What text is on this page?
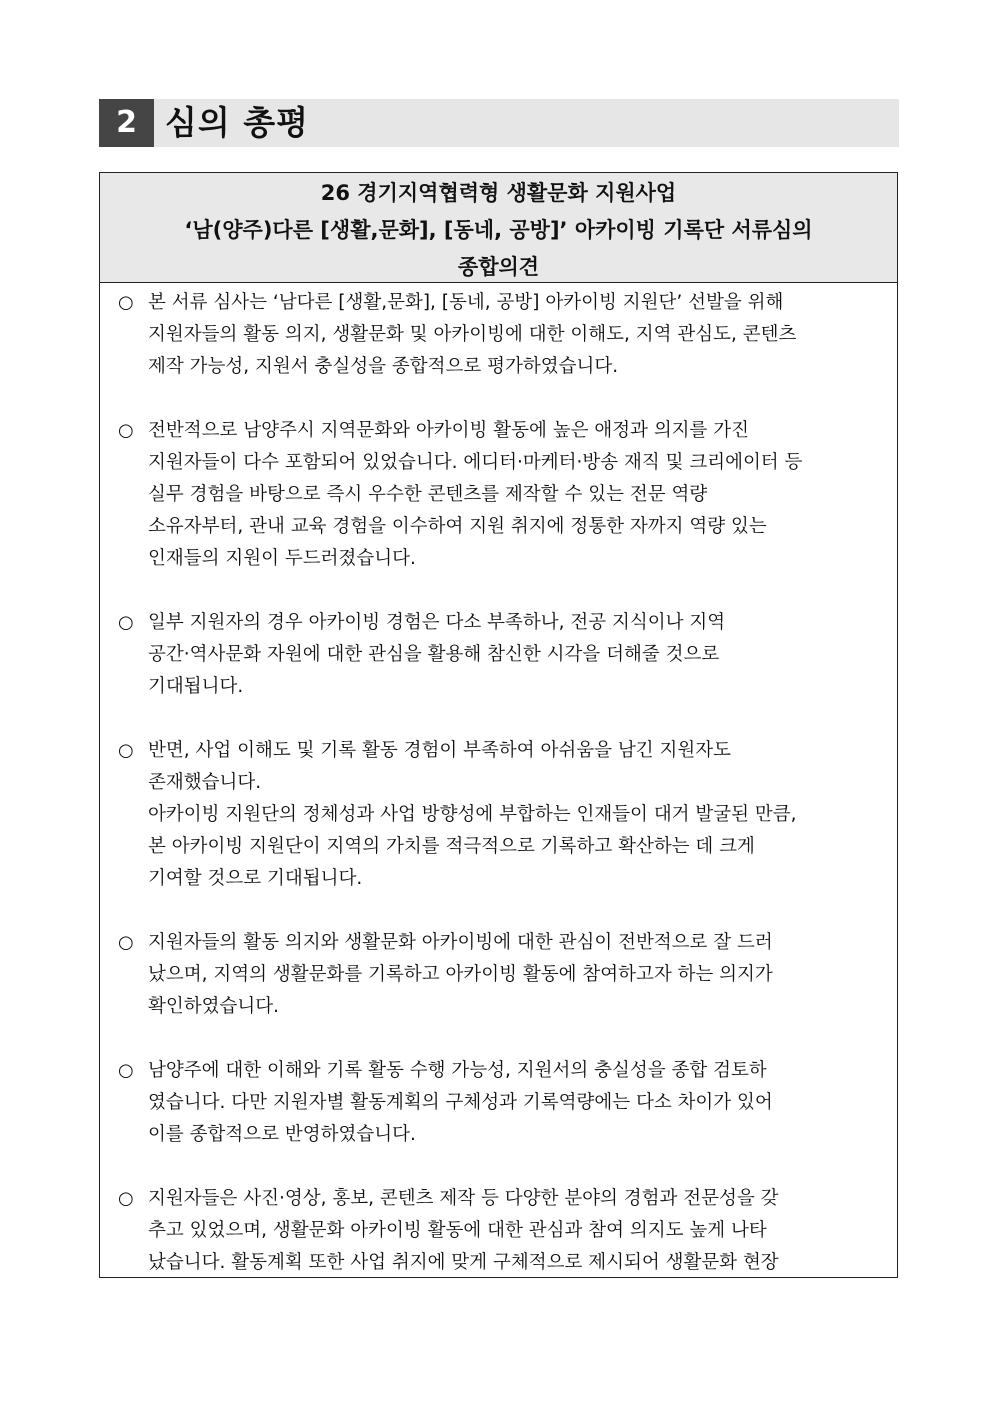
2 심의 총평
26 경기지역협력형 생활문화 지원사업
‘남(양주)다른 [생활,문화], [동네, 공방]’ 아카이빙 기록단 서류심의
종합의견
○ 본 서류 심사는 ‘남다른 [생활,문화], [동네, 공방] 아카이빙 지원단’ 선발을 위해
지원자들의 활동 의지, 생활문화 및 아카이빙에 대한 이해도, 지역 관심도, 콘텐츠
제작 가능성, 지원서 충실성을 종합적으로 평가하였습니다.
○ 전반적으로 남양주시 지역문화와 아카이빙 활동에 높은 애정과 의지를 가진
지원자들이 다수 포함되어 있었습니다. 에디터·마케터·방송 재직 및 크리에이터 등
실무 경험을 바탕으로 즉시 우수한 콘텐츠를 제작할 수 있는 전문 역량
소유자부터, 관내 교육 경험을 이수하여 지원 취지에 정통한 자까지 역량 있는
인재들의 지원이 두드러졌습니다.
○ 일부 지원자의 경우 아카이빙 경험은 다소 부족하나, 전공 지식이나 지역
공간·역사문화 자원에 대한 관심을 활용해 참신한 시각을 더해줄 것으로
기대됩니다.
○ 반면, 사업 이해도 및 기록 활동 경험이 부족하여 아쉬움을 남긴 지원자도
존재했습니다.
아카이빙 지원단의 정체성과 사업 방향성에 부합하는 인재들이 대거 발굴된 만큼,
본 아카이빙 지원단이 지역의 가치를 적극적으로 기록하고 확산하는 데 크게
기여할 것으로 기대됩니다.
○ 지원자들의 활동 의지와 생활문화 아카이빙에 대한 관심이 전반적으로 잘 드러
났으며, 지역의 생활문화를 기록하고 아카이빙 활동에 참여하고자 하는 의지가
확인하였습니다.
○ 남양주에 대한 이해와 기록 활동 수행 가능성, 지원서의 충실성을 종합 검토하
였습니다. 다만 지원자별 활동계획의 구체성과 기록역량에는 다소 차이가 있어
이를 종합적으로 반영하였습니다.
○ 지원자들은 사진·영상, 홍보, 콘텐츠 제작 등 다양한 분야의 경험과 전문성을 갖
추고 있었으며, 생활문화 아카이빙 활동에 대한 관심과 참여 의지도 높게 나타
났습니다. 활동계획 또한 사업 취지에 맞게 구체적으로 제시되어 생활문화 현장
